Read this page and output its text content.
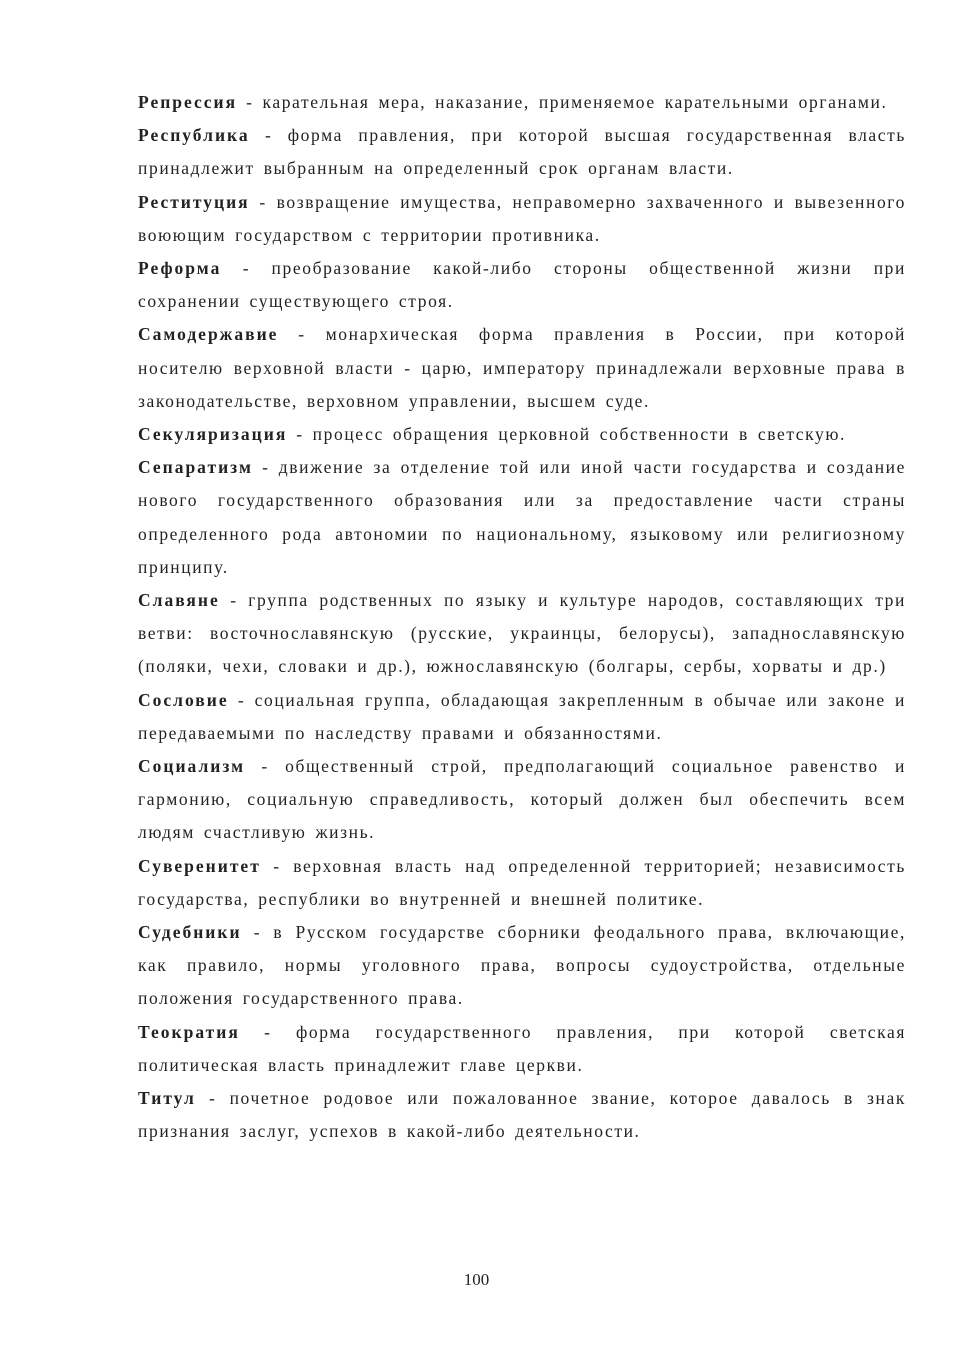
Репрессия - карательная мера, наказание, применяемое карательными органами.

Республика - форма правления, при которой высшая государственная власть принадлежит выбранным на определенный срок органам власти.

Реституция - возвращение имущества, неправомерно захваченного и вывезенного воюющим государством с территории противника.

Реформа - преобразование какой-либо стороны общественной жизни при сохранении существующего строя.

Самодержавие - монархическая форма правления в России, при которой носителю верховной власти - царю, императору принадлежали верховные права в законодательстве, верховном управлении, высшем суде.

Секуляризация - процесс обращения церковной собственности в светскую.

Сепаратизм - движение за отделение той или иной части государства и создание нового государственного образования или за предоставление части страны определенного рода автономии по национальному, языковому или религиозному принципу.

Славяне - группа родственных по языку и культуре народов, составляющих три ветви: восточнославянскую (русские, украинцы, белорусы), западнославянскую (поляки, чехи, словаки и др.), южнославянскую (болгары, сербы, хорваты и др.)

Сословие - социальная группа, обладающая закрепленным в обычае или законе и передаваемыми по наследству правами и обязанностями.

Социализм - общественный строй, предполагающий социальное равенство и гармонию, социальную справедливость, который должен был обеспечить всем людям счастливую жизнь.

Суверенитет - верховная власть над определенной территорией; независимость государства, республики во внутренней и внешней политике.

Судебники - в Русском государстве сборники феодального права, включающие, как правило, нормы уголовного права, вопросы судоустройства, отдельные положения государственного права.

Теократия - форма государственного правления, при которой светская политическая власть принадлежит главе церкви.

Титул - почетное родовое или пожалованное звание, которое давалось в знак признания заслуг, успехов в какой-либо деятельности.

100
